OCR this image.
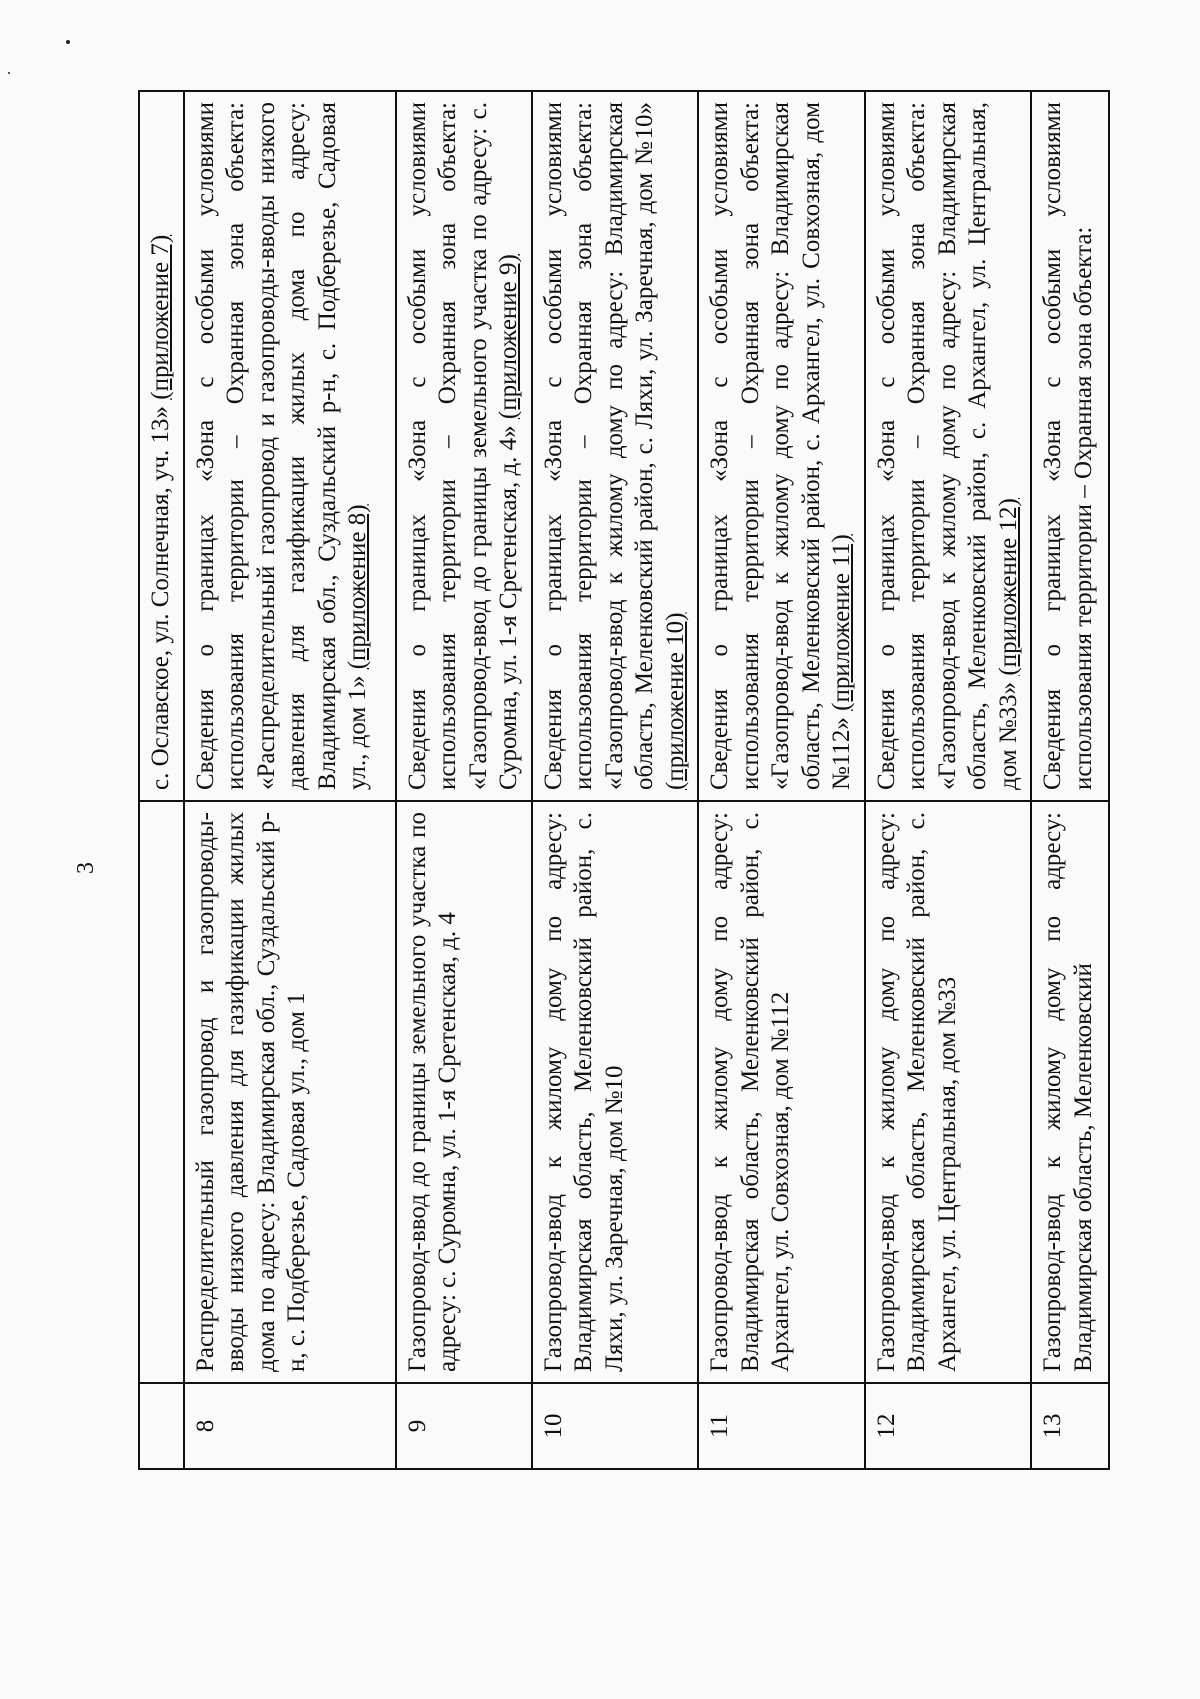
3
		с. Ославское, ул. Солнечная, уч. 13» (приложение 7)
8	Распределительный газопровод и газопроводы-вводы низкого давления для газификации жилых дома по адресу: Владимирская обл., Суздальский р-н, с. Подберезье, Садовая ул., дом 1	Сведения о границах «Зона с особыми условиями использования территории – Охранная зона объекта: «Распределительный газопровод и газопроводы-вводы низкого давления для газификации жилых дома по адресу: Владимирская обл., Суздальский р-н, с. Подберезье, Садовая ул., дом 1» (приложение 8)
9	Газопровод-ввод до границы земельного участка по адресу: с. Суромна, ул. 1-я Сретенская, д. 4	Сведения о границах «Зона с особыми условиями использования территории – Охранная зона объекта: «Газопровод-ввод до границы земельного участка по адресу: с. Суромна, ул. 1-я Сретенская, д. 4» (приложение 9)
10	Газопровод-ввод к жилому дому по адресу: Владимирская область, Меленковский район, с. Ляхи, ул. Заречная, дом №10	Сведения о границах «Зона с особыми условиями использования территории – Охранная зона объекта: «Газопровод-ввод к жилому дому по адресу: Владимирская область, Меленковский район, с. Ляхи, ул. Заречная, дом №10» (приложение 10)
11	Газопровод-ввод к жилому дому по адресу: Владимирская область, Меленковский район, с. Архангел, ул. Совхозная, дом №112	Сведения о границах «Зона с особыми условиями использования территории – Охранная зона объекта: «Газопровод-ввод к жилому дому по адресу: Владимирская область, Меленковский район, с. Архангел, ул. Совхозная, дом №112» (приложение 11)
12	Газопровод-ввод к жилому дому по адресу: Владимирская область, Меленковский район, с. Архангел, ул. Центральная, дом №33	Сведения о границах «Зона с особыми условиями использования территории – Охранная зона объекта: «Газопровод-ввод к жилому дому по адресу: Владимирская область, Меленковский район, с. Архангел, ул. Центральная, дом №33» (приложение 12)
13	Газопровод-ввод к жилому дому по адресу: Владимирская область, Меленковский	Сведения о границах «Зона с особыми условиями использования территории – Охранная зона объекта:
